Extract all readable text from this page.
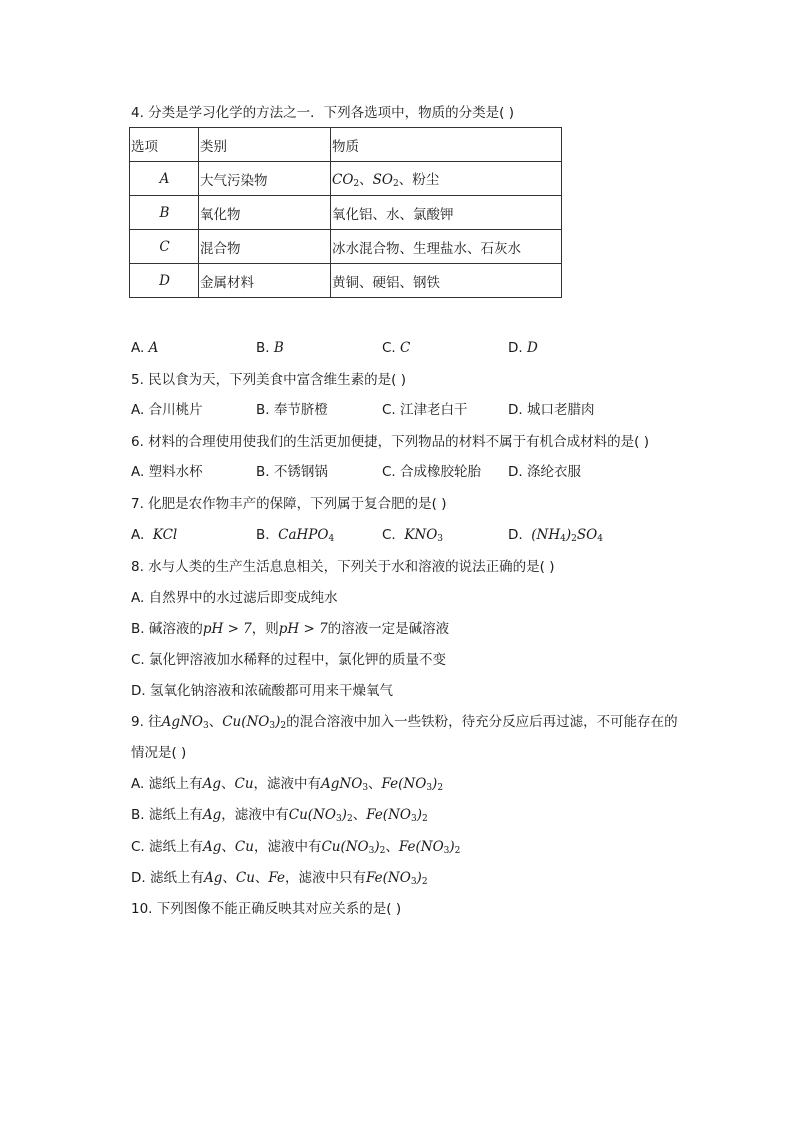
4. 分类是学习化学的方法之一．下列各选项中，物质的分类是( )
选项	类别	物质
A	大气污染物	$CO_2$、$SO_2$、粉尘
B	氧化物	氧化铝、水、氯酸钾
C	混合物	冰水混合物、生理盐水、石灰水
D	金属材料	黄铜、硬铝、钢铁
A. A	B. B	C. C	D. D
5. 民以食为天，下列美食中富含维生素的是( )
A. 合川桃片	B. 奉节脐橙	C. 江津老白干	D. 城口老腊肉
6. 材料的合理使用使我们的生活更加便捷，下列物品的材料不属于有机合成材料的是( )
A. 塑料水杯	B. 不锈钢锅	C. 合成橡胶轮胎 D. 涤纶衣服
7. 化肥是农作物丰产的保障，下列属于复合肥的是( )
A.  KCl	B.  CaHPO$_4$	C.  $KNO_3$	D.  $(NH_4)_2SO_4$
8. 水与人类的生产生活息息相关，下列关于水和溶液的说法正确的是( )
A. 自然界中的水过滤后即变成纯水
B. 碱溶液的pH > 7，则pH > 7的溶液一定是碱溶液
C. 氯化钾溶液加水稀释的过程中，氯化钾的质量不变
D. 氢氧化钠溶液和浓硫酸都可用来干燥氧气
9. 往AgNO$_3$、$Cu(NO_3)_2$的混合溶液中加入一些铁粉，待充分反应后再过滤，不可能存在的
情况是( )
A. 滤纸上有Ag、Cu，滤液中有AgNO$_3$、$Fe(NO_3)_2$
B. 滤纸上有Ag，滤液中有$Cu(NO_3)_2$、$Fe(NO_3)_2$
C. 滤纸上有Ag、Cu，滤液中有$Cu(NO_3)_2$、$Fe(NO_3)_2$
D. 滤纸上有Ag、Cu、Fe，滤液中只有$Fe(NO_3)_2$
10. 下列图像不能正确反映其对应关系的是( )
